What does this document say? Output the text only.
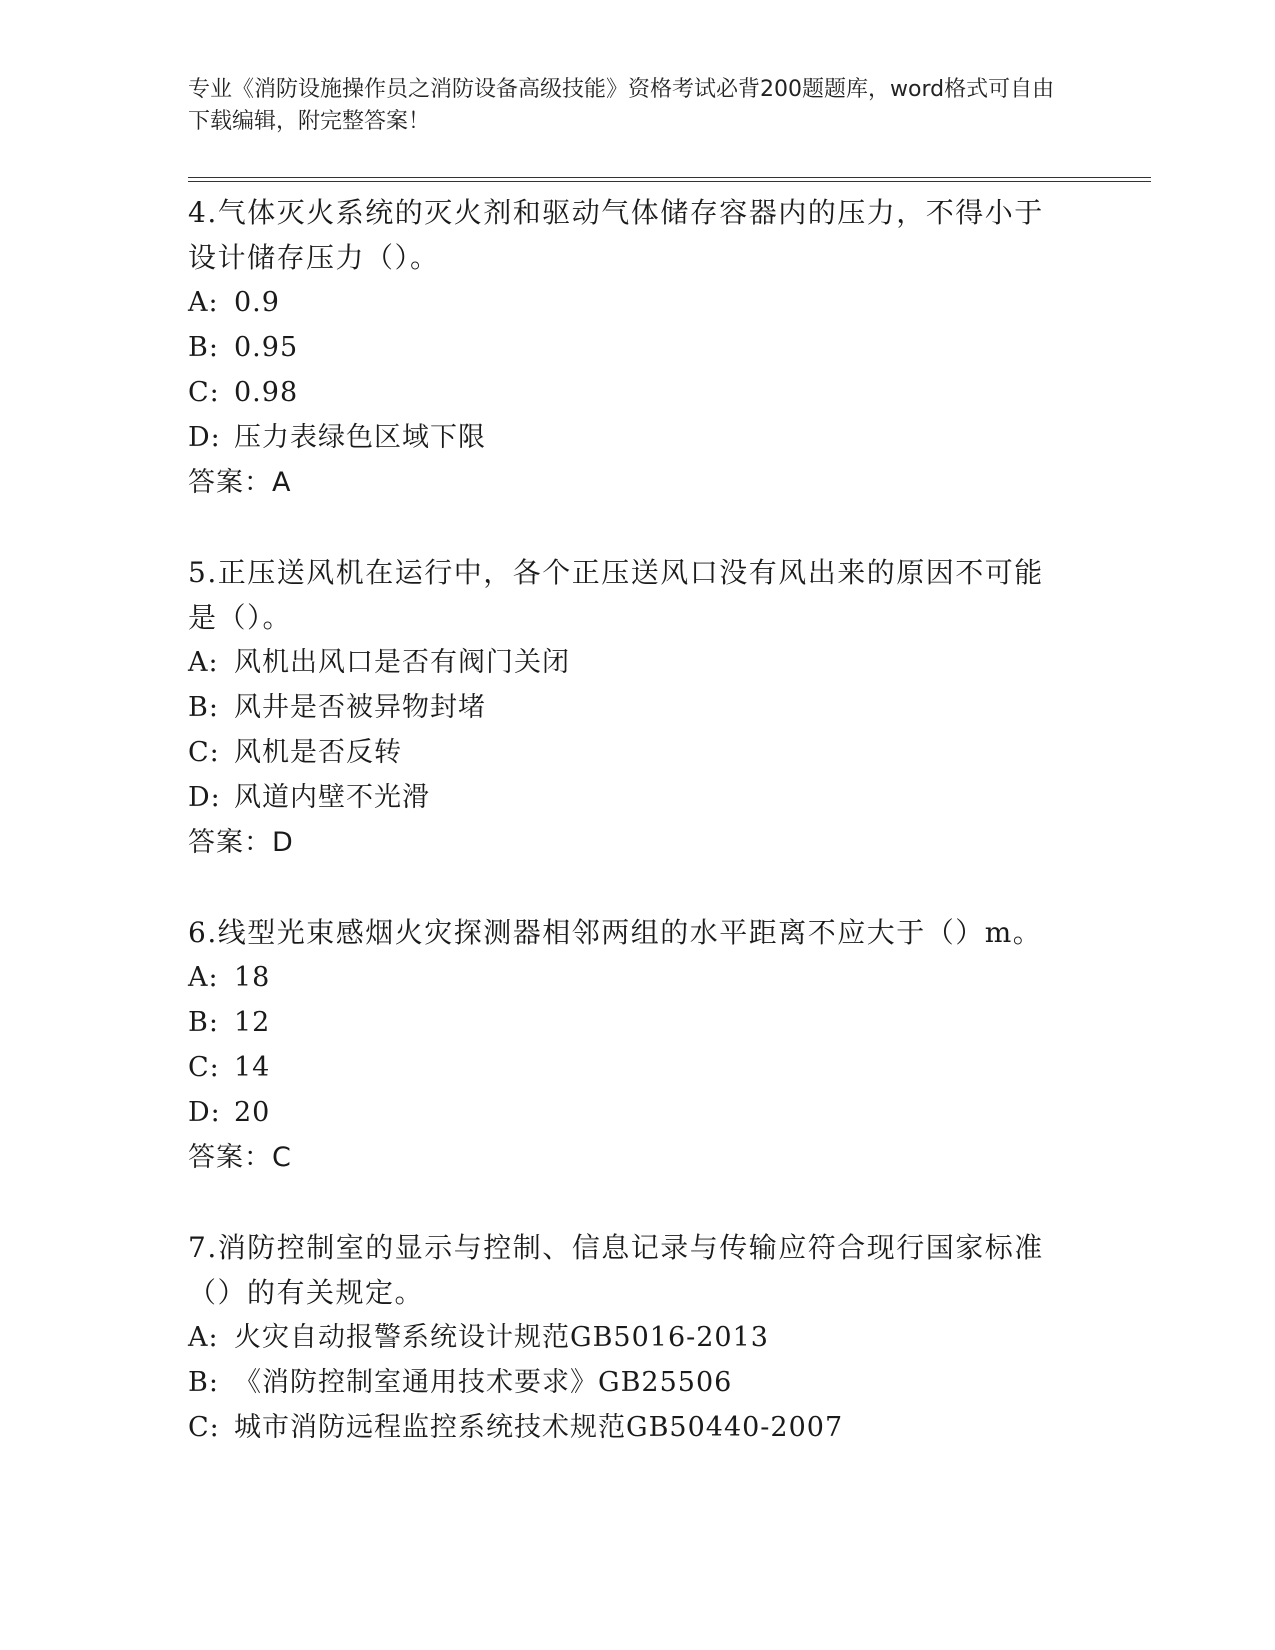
专业《消防设施操作员之消防设备高级技能》资格考试必背200题题库，word格式可自由下载编辑，附完整答案！
4.气体灭火系统的灭火剂和驱动气体储存容器内的压力，不得小于设计储存压力（）。
A: 0.9
B: 0.95
C: 0.98
D: 压力表绿色区域下限
答案：A
5.正压送风机在运行中，各个正压送风口没有风出来的原因不可能是（）。
A: 风机出风口是否有阀门关闭
B: 风井是否被异物封堵
C: 风机是否反转
D: 风道内壁不光滑
答案：D
6.线型光束感烟火灾探测器相邻两组的水平距离不应大于（）m。
A: 18
B: 12
C: 14
D: 20
答案：C
7.消防控制室的显示与控制、信息记录与传输应符合现行国家标准（）的有关规定。
A: 火灾自动报警系统设计规范GB5016-2013
B: 《消防控制室通用技术要求》GB25506
C: 城市消防远程监控系统技术规范GB50440-2007
